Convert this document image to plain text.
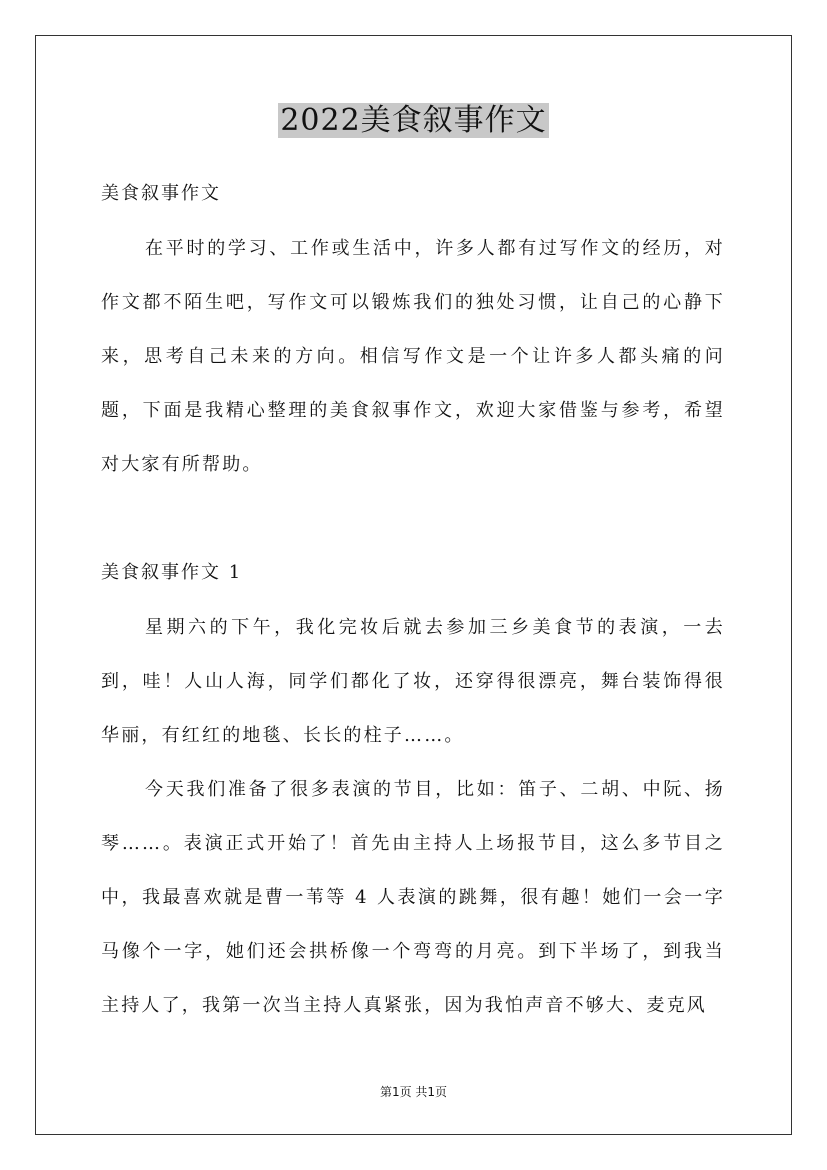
2022美食叙事作文
美食叙事作文

在平时的学习、工作或生活中，许多人都有过写作文的经历，对作文都不陌生吧，写作文可以锻炼我们的独处习惯，让自己的心静下来，思考自己未来的方向。相信写作文是一个让许多人都头痛的问题，下面是我精心整理的美食叙事作文，欢迎大家借鉴与参考，希望对大家有所帮助。

美食叙事作文 1

星期六的下午，我化完妆后就去参加三乡美食节的表演，一去到，哇！人山人海，同学们都化了妆，还穿得很漂亮，舞台装饰得很华丽，有红红的地毯、长长的柱子……。

今天我们准备了很多表演的节目，比如：笛子、二胡、中阮、扬琴……。表演正式开始了！首先由主持人上场报节目，这么多节目之中，我最喜欢就是曹一苇等 4 人表演的跳舞，很有趣！她们一会一字马像个一字，她们还会拱桥像一个弯弯的月亮。到下半场了，到我当主持人了，我第一次当主持人真紧张，因为我怕声音不够大、麦克风

第1页 共1页
